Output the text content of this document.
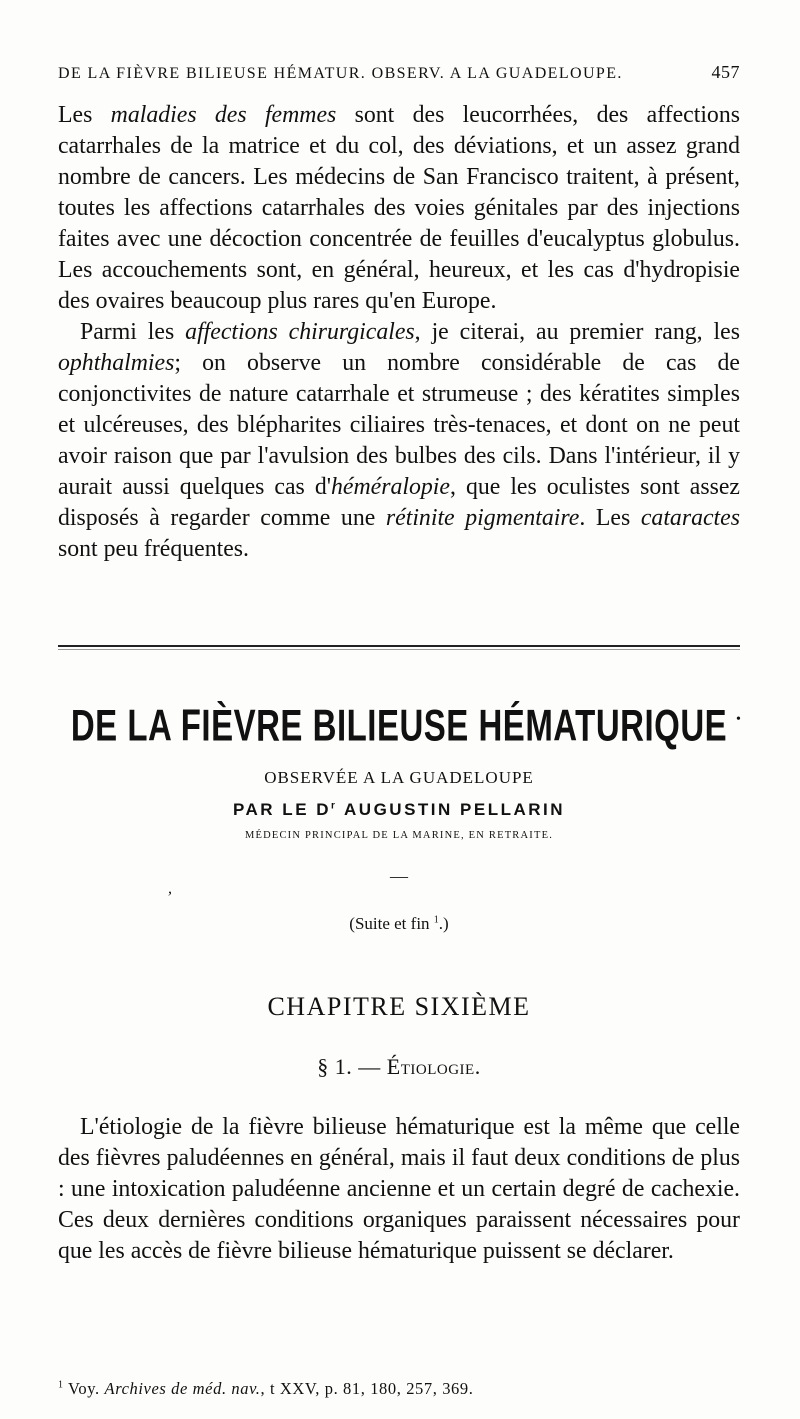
DE LA FIÈVRE BILIEUSE HÉMATUR. OBSERV. A LA GUADELOUPE.	457

Les maladies des femmes sont des leucorrhées, des affections catarrhales de la matrice et du col, des déviations, et un assez grand nombre de cancers. Les médecins de San Francisco traitent, à présent, toutes les affections catarrhales des voies génitales par des injections faites avec une décoction concentrée de feuilles d'eucalyptus globulus. Les accouchements sont, en général, heureux, et les cas d'hydropisie des ovaires beaucoup plus rares qu'en Europe.

Parmi les affections chirurgicales, je citerai, au premier rang, les ophthalmies; on observe un nombre considérable de cas de conjonctivites de nature catarrhale et strumeuse ; des kératites simples et ulcéreuses, des blépharites ciliaires très-tenaces, et dont on ne peut avoir raison que par l'avulsion des bulbes des cils. Dans l'intérieur, il y aurait aussi quelques cas d'héméralopie, que les oculistes sont assez disposés à regarder comme une rétinite pigmentaire. Les cataractes sont peu fréquentes.

DE LA FIÈVRE BILIEUSE HÉMATURIQUE •
OBSERVÉE A LA GUADELOUPE
PAR LE $D^r$ AUGUSTIN PELLARIN
MÉDECIN PRINCIPAL DE LA MARINE, EN RETRAITE.
—
,
(Suite et fin $^1$.)
CHAPITRE SIXIÈME
§ 1. — Étiologie.

L'étiologie de la fièvre bilieuse hématurique est la même que celle des fièvres paludéennes en général, mais il faut deux conditions de plus : une intoxication paludéenne ancienne et un certain degré de cachexie. Ces deux dernières conditions organiques paraissent nécessaires pour que les accès de fièvre bilieuse hématurique puissent se déclarer.

$^1$ Voy. Archives de méd. nav., t XXV, p. 81, 180, 257, 369.
